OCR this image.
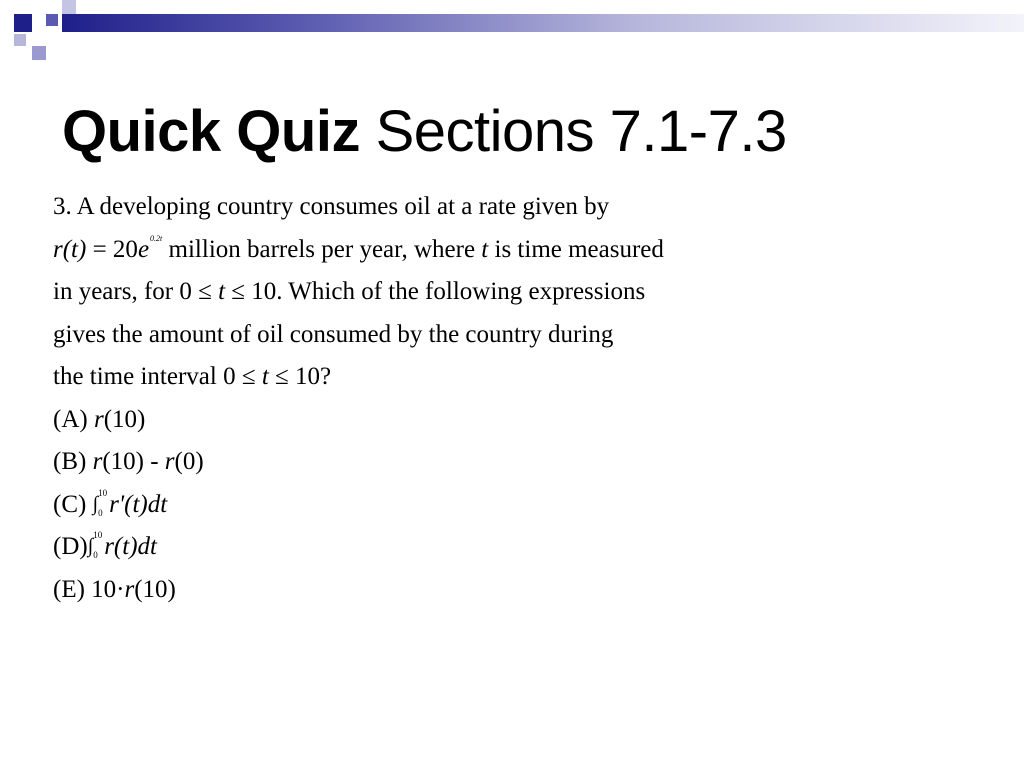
Quick Quiz Sections 7.1-7.3
3. A developing country consumes oil at a rate given by
$r(t) = 20e^{0.2t}$ million barrels per year, where t is time measured
in years, for 0 ≤ t ≤ 10. Which of the following expressions
gives the amount of oil consumed by the country during
the time interval 0 ≤ t ≤ 10?
(A) r(10)
(B) r(10) - r(0)
(C) ∫ 10
0 r'(t)dt
(D)∫ 10
0 r(t)dt
(E) 10·r(10)
